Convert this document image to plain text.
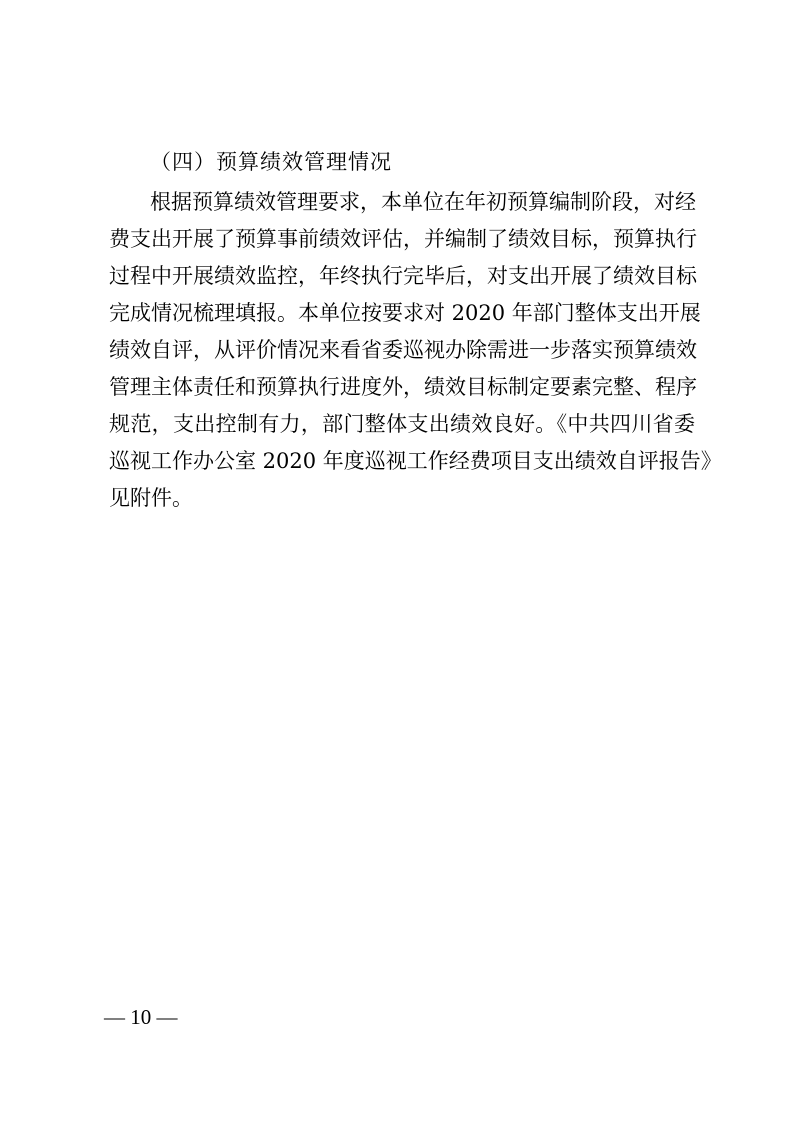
（四）预算绩效管理情况
根据预算绩效管理要求，本单位在年初预算编制阶段，对经
费支出开展了预算事前绩效评估，并编制了绩效目标，预算执行
过程中开展绩效监控，年终执行完毕后，对支出开展了绩效目标
完成情况梳理填报。本单位按要求对 2020 年部门整体支出开展
绩效自评，从评价情况来看省委巡视办除需进一步落实预算绩效
管理主体责任和预算执行进度外，绩效目标制定要素完整、程序
规范，支出控制有力，部门整体支出绩效良好。《中共四川省委
巡视工作办公室 2020 年度巡视工作经费项目支出绩效自评报告》
见附件。
— 10 —
